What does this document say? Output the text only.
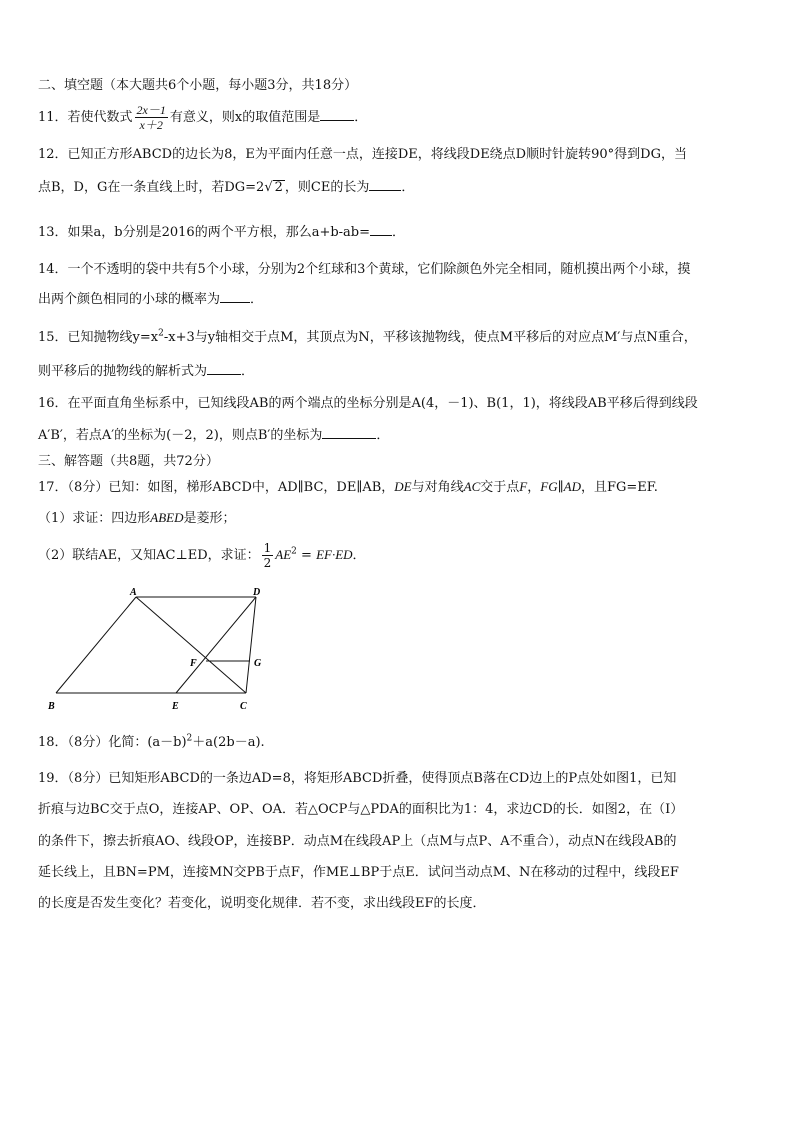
二、填空题（本大题共6个小题，每小题3分，共18分）
11．若使代数式 $\frac{2x-1}{x+2}$ 有意义，则x的取值范围是	．
12．已知正方形ABCD的边长为8，E为平面内任意一点，连接DE，将线段DE绕点D顺时针旋转90°得到DG，当
点B，D，G在一条直线上时，若DG=2√ 2 ，则CE的长为 ．
13．如果a，b分别是2016的两个平方根，那么a+b-ab= ．
14．一个不透明的袋中共有5个小球，分别为2个红球和3个黄球，它们除颜色外完全相同，随机摸出两个小球，摸
出两个颜色相同的小球的概率为 ．
15．已知抛物线$y=x^2-x+3$与y轴相交于点M，其顶点为N，平移该抛物线，使点M平移后的对应点M′与点N重合，
则平移后的抛物线的解析式为	．
16．在平面直角坐标系中，已知线段AB的两个端点的坐标分别是A(4，－1)、B(1，1)，将线段AB平移后得到线段
A′B′，若点A′的坐标为(－2，2)，则点B′的坐标为	．
三、解答题（共8题，共72分）
17．（8分）已知：如图，梯形ABCD中，AD∥BC，DE∥AB，DE与对角线AC交于点F，FG∥AD，且FG=EF.
（1）求证：四边形ABED是菱形；
（2）联结AE，又知AC⊥ED，求证： $\frac{1}{2} AE^2 = EF\cdot ED$．
A	D
F	G
B	E	C
18．（8分）化简：$(a-b)^2+a(2b-a)$.
19．（8分）已知矩形ABCD的一条边AD=8，将矩形ABCD折叠，使得顶点B落在CD边上的P点处如图1，已知
折痕与边BC交于点O，连接AP、OP、OA．若△OCP与△PDA的面积比为1：4，求边CD的长．如图2，在（Ⅰ）
的条件下，擦去折痕AO、线段OP，连接BP．动点M在线段AP上（点M与点P、A不重合），动点N在线段AB的
延长线上，且BN=PM，连接MN交PB于点F，作ME⊥BP于点E．试问当动点M、N在移动的过程中，线段EF
的长度是否发生变化？若变化，说明变化规律．若不变，求出线段EF的长度．
